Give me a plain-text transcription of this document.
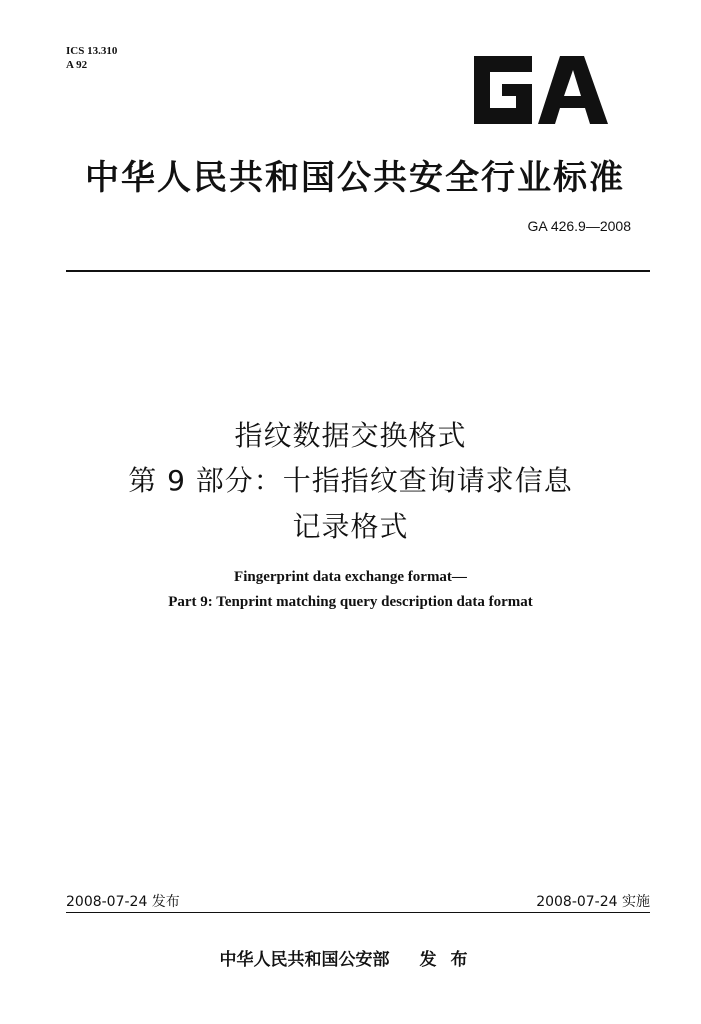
ICS 13.310
A 92
中华人民共和国公共安全行业标准
GA 426.9—2008
指纹数据交换格式
第 9 部分：十指指纹查询请求信息
记录格式
Fingerprint data exchange format—
Part 9: Tenprint matching query description data format
2008-07-24 发布	2008-07-24 实施
中华人民共和国公安部 发布
